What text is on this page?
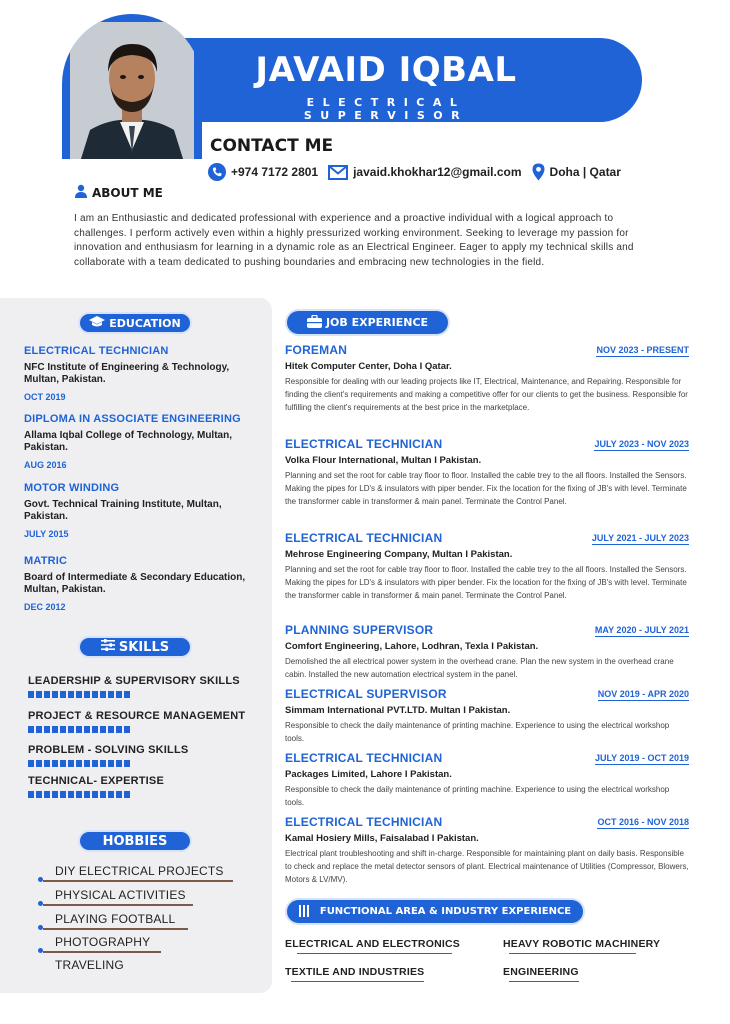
JAVAID IQBAL
ELECTRICAL SUPERVISOR
CONTACT ME
+974 7172 2801	javaid.khokhar12@gmail.com Doha | Qatar
ABOUT ME
I am an Enthusiastic and dedicated professional with experience and a proactive individual with a logical approach to challenges. I perform actively even within a highly pressurized working environment. Seeking to leverage my passion for innovation and enthusiasm for learning in a dynamic role as an Electrical Engineer. Eager to apply my technical skills and collaborate with a team dedicated to pushing boundaries and embracing new technologies in the field.
EDUCATION
ELECTRICAL TECHNICIAN
NFC Institute of Engineering & Technology, Multan, Pakistan.
OCT 2019
DIPLOMA IN ASSOCIATE ENGINEERING
Allama Iqbal College of Technology, Multan, Pakistan.
AUG 2016
MOTOR WINDING
Govt. Technical Training Institute, Multan, Pakistan.
JULY 2015
MATRIC
Board of Intermediate & Secondary Education, Multan, Pakistan.
DEC 2012
SKILLS
LEADERSHIP & SUPERVISORY SKILLS
PROJECT & RESOURCE MANAGEMENT
PROBLEM - SOLVING SKILLS
TECHNICAL- EXPERTISE
HOBBIES
DIY ELECTRICAL PROJECTS
PHYSICAL ACTIVITIES
PLAYING FOOTBALL
PHOTOGRAPHY
TRAVELING
JOB EXPERIENCE
FOREMAN	NOV 2023 - PRESENT
Hitek Computer Center, Doha I Qatar.
Responsible for dealing with our leading projects like IT, Electrical, Maintenance, and Repairing. Responsible for finding the client's requirements and making a competitive offer for our clients to get the business. Responsible for fulfilling the client's requirements at the best price in the marketplace.
ELECTRICAL TECHNICIAN	JULY 2023 - NOV 2023
Volka Flour International, Multan I Pakistan.
Planning and set the root for cable tray floor to floor. Installed the cable trey to the all floors. Installed the Sensors. Making the pipes for LD's & insulators with piper bender. Fix the location for the fixing of JB's with level. Terminate the transformer cable in transformer & main panel. Terminate the Control Panel.
ELECTRICAL TECHNICIAN	JULY 2021 - JULY 2023
Mehrose Engineering Company, Multan I Pakistan.
Planning and set the root for cable tray floor to floor. Installed the cable trey to the all floors. Installed the Sensors. Making the pipes for LD's & insulators with piper bender. Fix the location for the fixing of JB's with level. Terminate the transformer cable in transformer & main panel. Terminate the Control Panel.
PLANNING SUPERVISOR	MAY 2020 - JULY 2021
Comfort Engineering, Lahore, Lodhran, Texla I Pakistan.
Demolished the all electrical power system in the overhead crane. Plan the new system in the overhead crane cabin. Installed the new automation electrical system in the panel.
ELECTRICAL SUPERVISOR	NOV 2019 - APR 2020
Simmam International PVT.LTD. Multan I Pakistan.
Responsible to check the daily maintenance of printing machine. Experience to using the electrical workshop tools.
ELECTRICAL TECHNICIAN	JULY 2019 - OCT 2019
Packages Limited, Lahore I Pakistan.
Responsible to check the daily maintenance of printing machine. Experience to using the electrical workshop tools.
ELECTRICAL TECHNICIAN	OCT 2016 - NOV 2018
Kamal Hosiery Mills, Faisalabad I Pakistan.
Electrical plant troubleshooting and shift in-charge. Responsible for maintaining plant on daily basis. Responsible to check and replace the metal detector sensors of plant. Electrical maintenance of Utilities (Compressor, Blowers, Motors & LV/MV).
FUNCTIONAL AREA & INDUSTRY EXPERIENCE
ELECTRICAL AND ELECTRONICS	HEAVY ROBOTIC MACHINERY
TEXTILE AND INDUSTRIES	ENGINEERING
